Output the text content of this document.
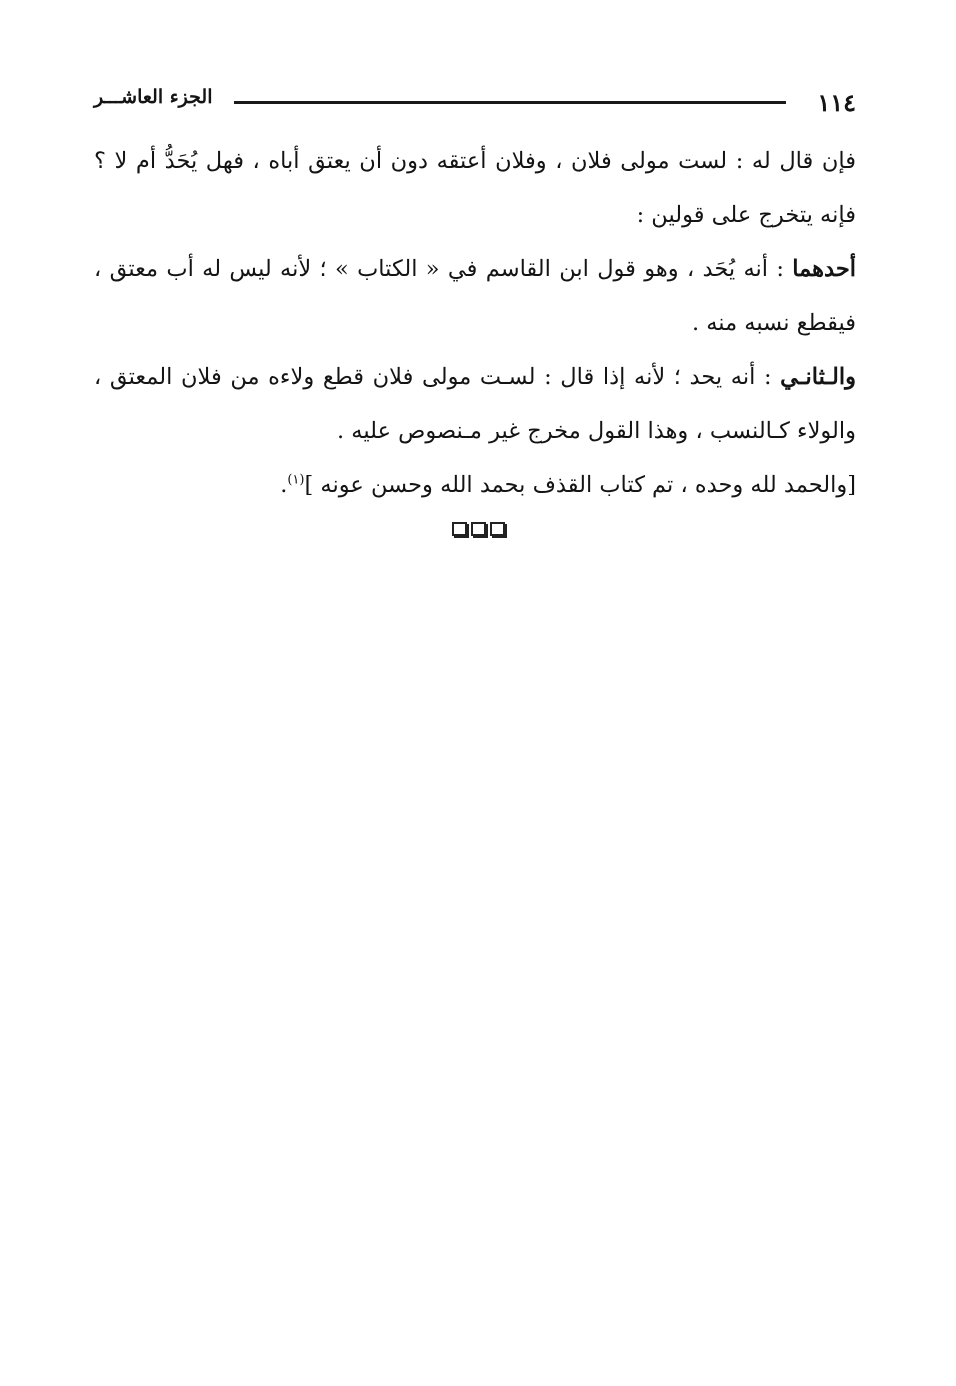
١١٤
الجزء العاشـــر

فإن قال له : لست مولى فلان ، وفلان أعتقه دون أن يعتق أباه ، فهل يُحَدُّ أم لا ؟ فإنه يتخرج على قولين :

أحدهما : أنه يُحَد ، وهو قول ابن القاسم في « الكتاب » ؛ لأنه ليس له أب معتق ، فيقطع نسبه منه .

والـثانـي : أنه يحد ؛ لأنه إذا قال : لسـت مولى فلان قطع ولاءه من فلان المعتق ، والولاء كـالنسب ، وهذا القول مخرج غير مـنصوص عليه .
[والحمد لله وحده ، تم كتاب القذف بحمد الله وحسن عونه ]$^{(١)}$.
